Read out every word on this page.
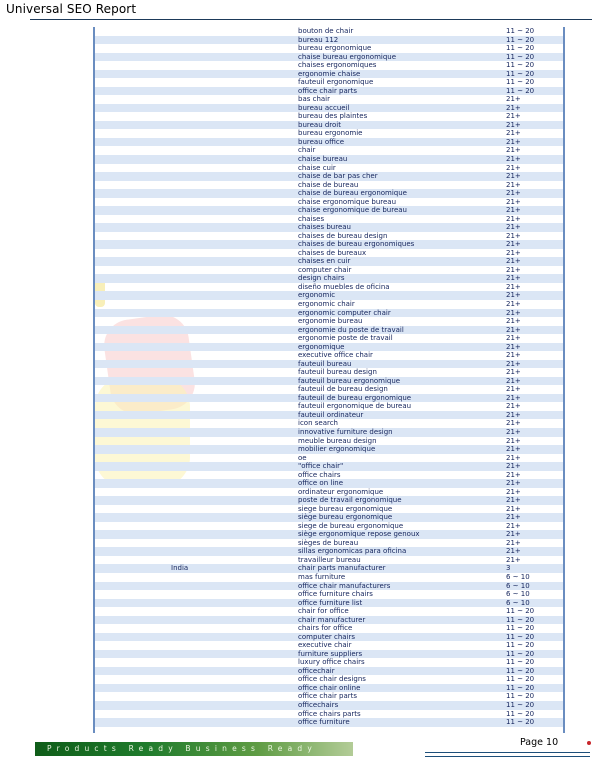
Universal SEO Report
bouton de chair	11 ~ 20
bureau 112	11 ~ 20
bureau ergonomique	11 ~ 20
chaise bureau ergonomique	11 ~ 20
chaises ergonomiques	11 ~ 20
ergonomie chaise	11 ~ 20
fauteuil ergonomique	11 ~ 20
office chair parts	11 ~ 20
bas chair	21+
bureau accueil	21+
bureau des plaintes	21+
bureau droit	21+
bureau ergonomie	21+
bureau office	21+
chair	21+
chaise bureau	21+
chaise cuir	21+
chaise de bar pas cher	21+
chaise de bureau	21+
chaise de bureau ergonomique	21+
chaise ergonomique bureau	21+
chaise ergonomique de bureau	21+
chaises	21+
chaises bureau	21+
chaises de bureau design	21+
chaises de bureau ergonomiques	21+
chaises de bureaux	21+
chaises en cuir	21+
computer chair	21+
design chairs	21+
diseño muebles de oficina	21+
ergonomic	21+
ergonomic chair	21+
ergonomic computer chair	21+
ergonomie bureau	21+
ergonomie du poste de travail	21+
ergonomie poste de travail	21+
ergonomique	21+
executive office chair	21+
fauteuil bureau	21+
fauteuil bureau design	21+
fauteuil bureau ergonomique	21+
fauteuil de bureau design	21+
fauteuil de bureau ergonomique	21+
fauteuil ergonomique de bureau	21+
fauteuil ordinateur	21+
icon search	21+
innovative furniture design	21+
meuble bureau design	21+
mobilier ergonomique	21+
oe	21+
"office chair"	21+
office chairs	21+
office on line	21+
ordinateur ergonomique	21+
poste de travail ergonomique	21+
siege bureau ergonomique	21+
siège bureau ergonomique	21+
siege de bureau ergonomique	21+
siège ergonomique repose genoux	21+
sièges de bureau	21+
sillas ergonomicas para oficina	21+
travailleur bureau	21+
India	chair parts manufacturer	3
mas furniture	6 ~ 10
office chair manufacturers	6 ~ 10
office furniture chairs	6 ~ 10
office furniture list	6 ~ 10
chair for office	11 ~ 20
chair manufacturer	11 ~ 20
chairs for office	11 ~ 20
computer chairs	11 ~ 20
executive chair	11 ~ 20
furniture suppliers	11 ~ 20
luxury office chairs	11 ~ 20
officechair	11 ~ 20
office chair designs	11 ~ 20
office chair online	11 ~ 20
office chair parts	11 ~ 20
officechairs	11 ~ 20
office chairs parts	11 ~ 20
office furniture	11 ~ 20
Products Ready Business Ready
Page 10
